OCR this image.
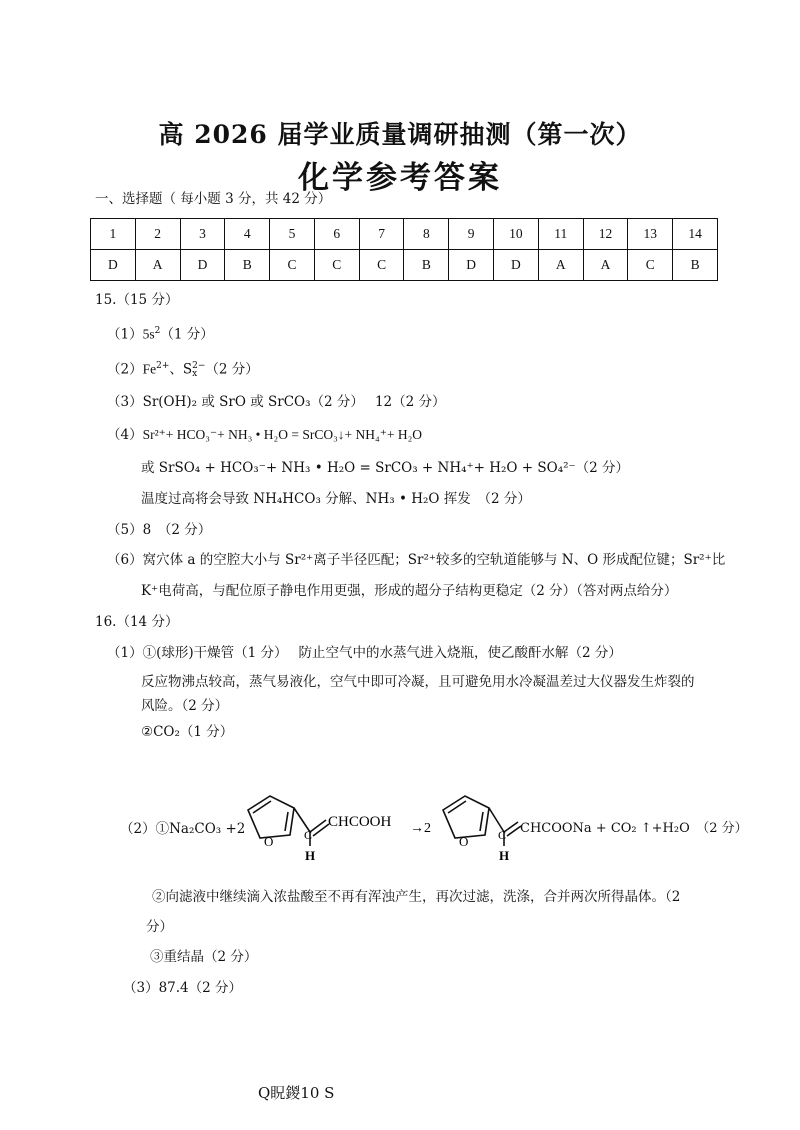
高 2026 届学业质量调研抽测（第一次）
化学参考答案
一、选择题（ 每小题 3 分，共 42 分）
1	2	3	4	5	6	7	8	9	10	11	12	13	14
D	A	D	B	C	C	C	B	D	D	A	A	C	B
15.（15 分）
$(1)5s^2(1$ 分）
$(2)Fe^{2+}$、S 2−
x （2 分）
（3）Sr(OH)₂ 或 SrO 或 SrCO₃（2 分）　 12（2 分）
（4）Sr²⁺+ HCO₃⁻+ NH₃ • H₂O = SrCO₃↓+ NH₄⁺+ H₂O
或 SrSO₄ + HCO₃⁻+ NH₃ • H₂O = SrCO₃ + NH₄⁺+ H₂O + SO₄²⁻（2 分）
温度过高将会导致 NH₄HCO₃ 分解、NH₃ • H₂O 挥发　（2 分）
（5）8　（2 分）
（6）窝穴体 a 的空腔大小与 Sr²⁺离子半径匹配；Sr²⁺较多的空轨道能够与 N、O 形成配位键；Sr²⁺比
K⁺电荷高，与配位原子静电作用更强，形成的超分子结构更稳定（2 分）（答对两点给分）
16.（14 分）
（1）①(球形)干燥管（1 分）　 防止空气中的水蒸气进入烧瓶，使乙酸酐水解（2 分）
反应物沸点较高，蒸气易液化，空气中即可冷凝，且可避免用水冷凝温差过大仪器发生炸裂的
风险。（2 分）
②CO₂（1 分）
（2）①Na₂CO₃ +2
O	C
H
CHCOOH →2
O C
H
CHCOONa + CO₂ ↑+H₂O　（2 分）
②向滤液中继续滴入浓盐酸至不再有浑浊产生，再次过滤，洗涤，合并两次所得晶体。（2
分）
③重结晶（2 分）
（3）87.4（2 分）
Q眖鍐10 S
